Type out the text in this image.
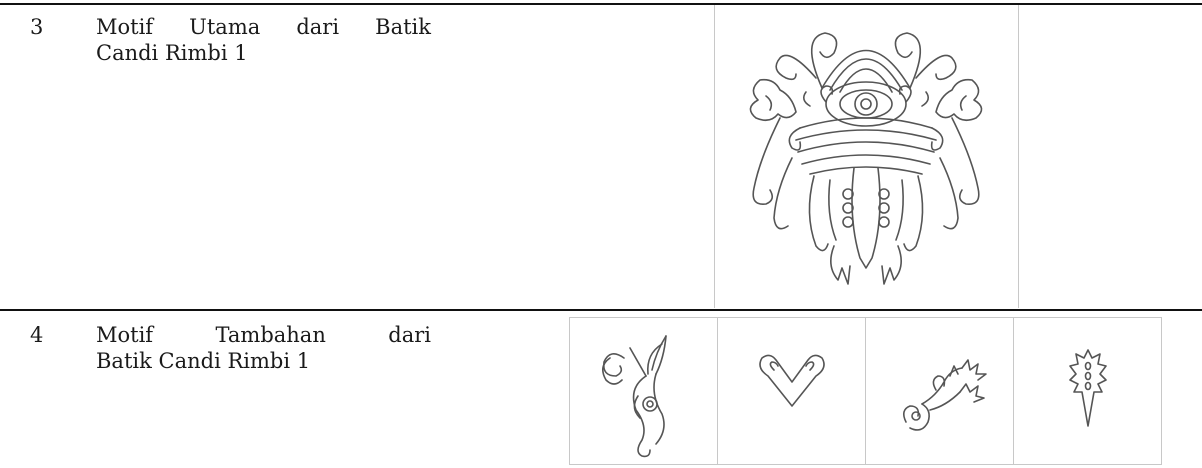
3	Motif Utama dari Batik
Candi Rimbi 1
4	Motif Tambahan dari
Batik Candi Rimbi 1
